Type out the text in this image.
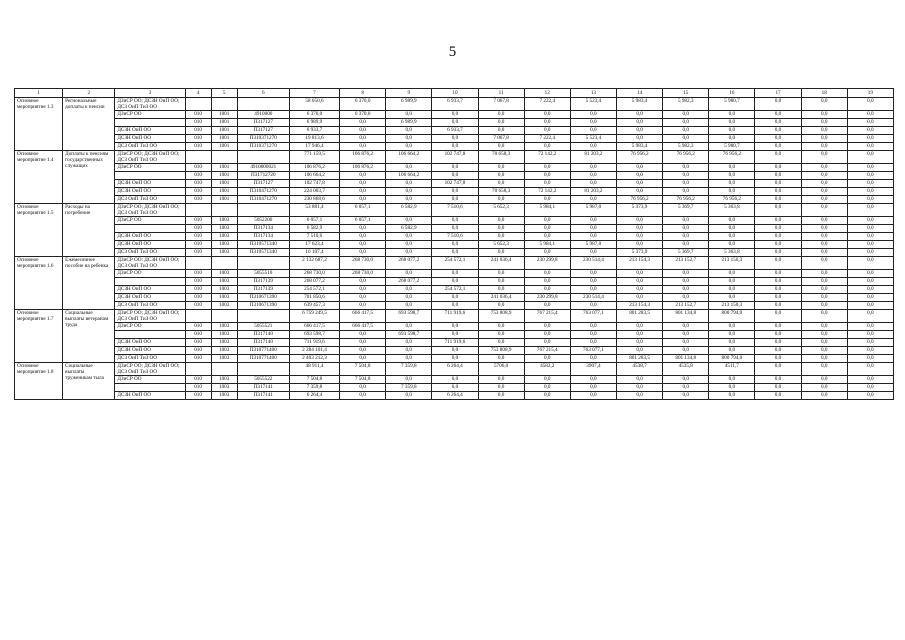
5
1	2	3	4	5	6	7	8	9	10	11	12	13	14	15	16	17	18	19
Основное мероприятие 1.3	Региональные доплаты к пенсии	ДЗиСР ОО; ДСЗН ОиП ОО; ДСЗ ОиП ТиЗ ОО				58 050,6	6 370,0	6 989,9	6 933,7	7 067,8	7 222,4	5 523,4	5 983,4	5 982,3	5 980,7	0,0	0,0	0,0
		ДЗиСР ОО	010	1001	4910000	6 370,0	6 370,0	0,0	0,0	0,0	0,0	0,0	0,0	0,0	0,0	0,0	0,0	0,0
			010	1001	П317127	6 989,9	0,0	6 989,9	0,0	0,0	0,0	0,0	0,0	0,0	0,0	0,0	0,0	0,0
		ДСЗН ОиП ОО	010	1001	П317127	6 933,7	0,0	0,0	6 933,7	0,0	0,0	0,0	0,0	0,0	0,0	0,0	0,0	0,0
		ДСЗН ОиП ОО	010	1001	П310371270	19 813,6	0,0	0,0	0,0	7 067,8	7 222,4	5 523,4	0,0	0,0	0,0	0,0	0,0	0,0
		ДСЗ ОиП ТиЗ ОО	010	1001	П310371270	17 946,4	0,0	0,0	0,0	0,0	0,0	0,0	5 983,4	5 982,3	5 980,7	0,0	0,0	0,0
Основное мероприятие 1.4	Доплаты к пенсиям государственных служащих	ДЗиСР ОО; ДСЗН ОиП ОО; ДСЗ ОиП ТиЗ ОО				771 159,5	106 876,2	106 664,2	102 747,8	70 658,3	72 142,2	81 203,2	76 956,2	76 956,2	76 956,2	0,0	0,0	0,0
		ДЗиСР ОО	010	1001	4910000021	106 876,2	106 876,2	0,0	0,0	0,0	0,0	0,0	0,0	0,0	0,0	0,0	0,0	0,0
			010	1001	П31712720	106 664,2	0,0	106 664,2	0,0	0,0	0,0	0,0	0,0	0,0	0,0	0,0	0,0	0,0
		ДСЗН ОиП ОО	010	1001	П317127	102 747,8	0,0	0,0	102 747,8	0,0	0,0	0,0	0,0	0,0	0,0	0,0	0,0	0,0
		ДСЗН ОиП ОО	010	1001	П310471270	224 003,7	0,0	0,0	0,0	70 658,3	72 142,2	81 203,2	0,0	0,0	0,0	0,0	0,0	0,0
		ДСЗ ОиП ТиЗ ОО	010	1001	П310471270	230 868,6	0,0	0,0	0,0	0,0	0,0	0,0	76 956,2	76 956,2	76 956,2	0,0	0,0	0,0
Основное мероприятие 1.5	Расходы на погребение	ДЗиСР ОО; ДСЗН ОиП ОО; ДСЗ ОиП ТиЗ ОО				53 881,4	6 057,1	6 582,9	7 510,6	5 652,3	5 984,1	5 987,0	5 373,9	5 369,7	5 363,8	0,0	0,0	0,0
		ДЗиСР ОО	010	1003	5052200	6 057,1	6 057,1	0,0	0,0	0,0	0,0	0,0	0,0	0,0	0,0	0,0	0,0	0,0
			010	1003	П317134	6 582,9	0,0	6 582,9	0,0	0,0	0,0	0,0	0,0	0,0	0,0	0,0	0,0	0,0
		ДСЗН ОиП ОО	010	1003	П317134	7 510,6	0,0	0,0	7 510,6	0,0	0,0	0,0	0,0	0,0	0,0	0,0	0,0	0,0
		ДСЗН ОиП ОО	010	1003	П310571340	17 623,4	0,0	0,0	0,0	5 652,3	5 984,1	5 987,0	0,0	0,0	0,0	0,0	0,0	0,0
		ДСЗ ОиП ТиЗ ОО	010	1003	П310571340	16 107,4	0,0	0,0	0,0	0,0	0,0	0,0	5 373,9	5 369,7	5 363,8	0,0	0,0	0,0
Основное мероприятие 1.6	Ежемесячное пособие на ребенка	ДЗиСР ОО; ДСЗН ОиП ОО; ДСЗ ОиП ТиЗ ОО				2 132 687,2	268 730,0	268 077,2	254 572,1	241 036,4	230 299,8	230 514,4	213 154,3	213 152,7	213 150,3	0,0	0,0	0,0
		ДЗиСР ОО	010	1003	5055510	268 730,0	268 730,0	0,0	0,0	0,0	0,0	0,0	0,0	0,0	0,0	0,0	0,0	0,0
			010	1003	П317139	268 077,2	0,0	268 077,2	0,0	0,0	0,0	0,0	0,0	0,0	0,0	0,0	0,0	0,0
		ДСЗН ОиП ОО	010	1003	П317139	254 572,1	0,0	0,0	254 572,1	0,0	0,0	0,0	0,0	0,0	0,0	0,0	0,0	0,0
		ДСЗН ОиП ОО	010	1003	П310671390	701 850,6	0,0	0,0	0,0	241 036,4	230 299,8	230 514,4	0,0	0,0	0,0	0,0	0,0	0,0
		ДСЗ ОиП ТиЗ ОО	010	1003	П310671390	639 457,3	0,0	0,0	0,0	0,0	0,0	0,0	213 154,3	213 152,7	213 150,3	0,0	0,0	0,0
Основное мероприятие 1.7	Социальные выплаты ветеранам труда	ДЗиСР ОО; ДСЗН ОиП ОО; ДСЗ ОиП ТиЗ ОО				6 759 249,5	666 417,5	693 598,7	711 919,6	753 808,9	767 215,4	763 077,1	801 283,5	801 134,8	800 794,0	0,0	0,0	0,0
		ДЗиСР ОО	010	1003	5055521	666 417,5	666 417,5	0,0	0,0	0,0	0,0	0,0	0,0	0,0	0,0	0,0	0,0	0,0
			010	1003	П317140	693 598,7	0,0	693 598,7	0,0	0,0	0,0	0,0	0,0	0,0	0,0	0,0	0,0	0,0
		ДСЗН ОиП ОО	010	1003	П317140	711 919,6	0,0	0,0	711 919,6	0,0	0,0	0,0	0,0	0,0	0,0	0,0	0,0	0,0
		ДСЗН ОиП ОО	010	1003	П310771400	2 284 101,4	0,0	0,0	0,0	753 808,9	767 215,4	763 077,1	0,0	0,0	0,0	0,0	0,0	0,0
		ДСЗ ОиП ТиЗ ОО	010	1003	П310771400	2 403 212,3	0,0	0,0	0,0	0,0	0,0	0,0	801 283,5	801 134,8	800 794,0	0,0	0,0	0,0
Основное мероприятие 1.8	Социальные выплаты труженикам тыла	ДЗиСР ОО; ДСЗН ОиП ОО; ДСЗ ОиП ТиЗ ОО				48 911,4	7 504,8	7 359,8	6 264,4	5706,0	4582,2	3907,4	4538,7	4535,8	4511,7	0,0	0,0	0,0
		ДЗиСР ОО	010	1003	5055522	7 504,8	7 504,8	0,0	0,0	0,0	0,0	0,0	0,0	0,0	0,0	0,0	0,0	0,0
			010	1003	П317141	7 359,8	0,0	7 359,8	0,0	0,0	0,0	0,0	0,0	0,0	0,0	0,0	0,0	0,0
		ДСЗН ОиП ОО	010	1003	П317141	6 264,4	0,0	0,0	6 264,4	0,0	0,0	0,0	0,0	0,0	0,0	0,0	0,0	0,0
